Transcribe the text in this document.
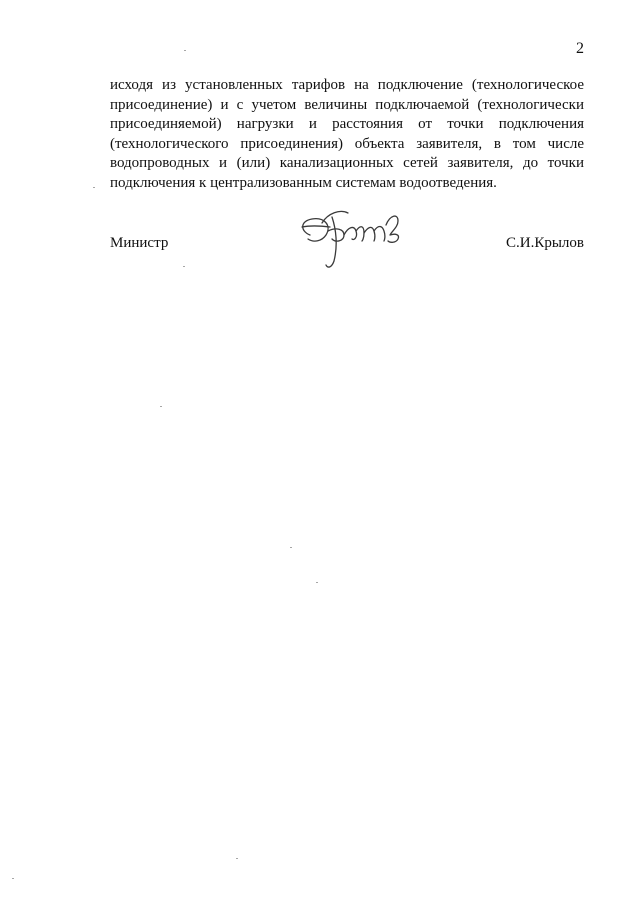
2

исходя из установленных тарифов на подключение (технологическое
присоединение) и с учетом величины подключаемой (технологически
присоединяемой) нагрузки и расстояния от точки подключения
(технологического присоединения) объекта заявителя, в том числе
водопроводных и (или) канализационных сетей заявителя, до точки
подключения к централизованным системам водоотведения.

Министр	С.И.Крылов
